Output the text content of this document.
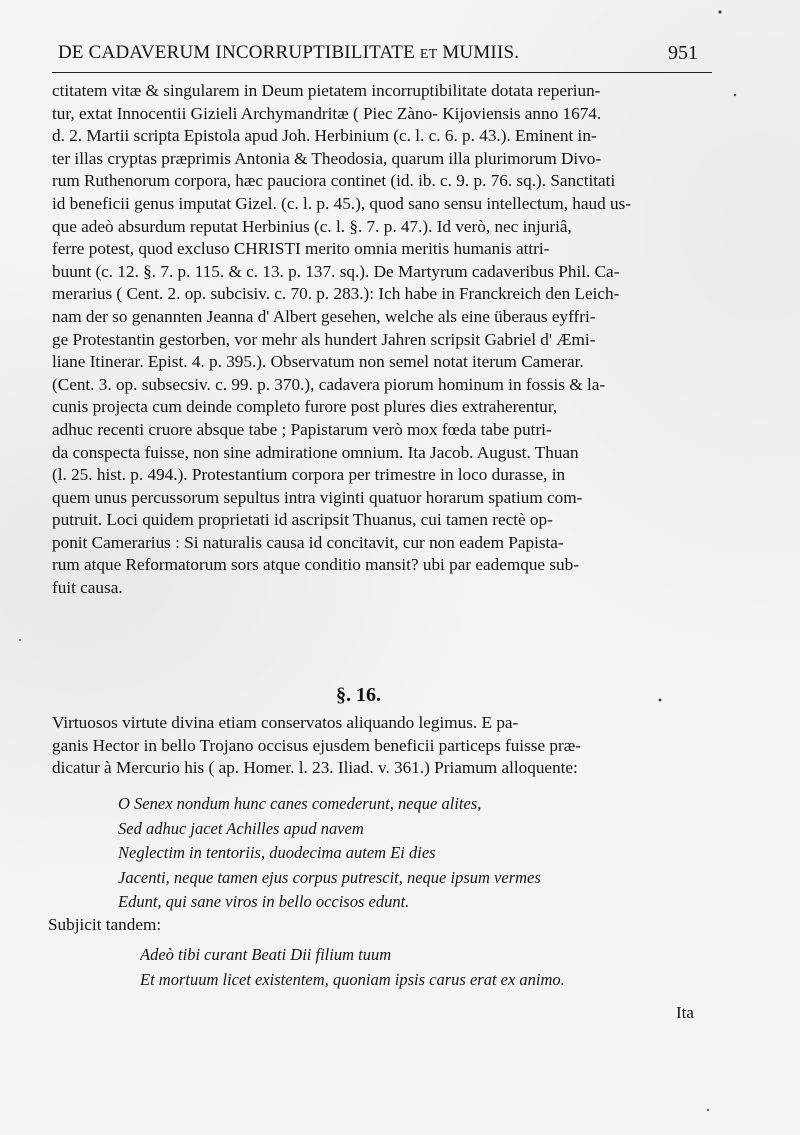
DE CADAVERUM INCORRUPTIBILITATE ET MUMIIS.	951
ctitatem vitæ & singularem in Deum pietatem incorruptibilitate dotata reperiun-
tur, extat Innocentii Gizieli Archymandritæ ( Piec Zàno- Kijoviensis anno 1674.
d. 2. Martii scripta Epistola apud Joh. Herbinium (c. l. c. 6. p. 43.). Eminent in-
ter illas cryptas præprimis Antonia & Theodosia, quarum illa plurimorum Divo-
rum Ruthenorum corpora, hæc pauciora continet (id. ib. c. 9. p. 76. sq.). Sanctitati
id beneficii genus imputat Gizel. (c. l. p. 45.), quod sano sensu intellectum, haud us-
que adeò absurdum reputat Herbinius (c. l. §. 7. p. 47.). Id verò, nec injuriâ,
ferre potest, quod excluso CHRISTI merito omnia meritis humanis attri-
buunt (c. 12. §. 7. p. 115. & c. 13. p. 137. sq.). De Martyrum cadaveribus Phil. Ca-
merarius ( Cent. 2. op. subcisiv. c. 70. p. 283.): Ich habe in Franckreich den Leich-
nam der so genannten Jeanna d' Albert gesehen, welche als eine überaus eyffri-
ge Protestantin gestorben, vor mehr als hundert Jahren scripsit Gabriel d' Æmi-
liane Itinerar. Epist. 4. p. 395.). Observatum non semel notat iterum Camerar.
(Cent. 3. op. subsecsiv. c. 99. p. 370.), cadavera piorum hominum in fossis & la-
cunis projecta cum deinde completo furore post plures dies extraherentur,
adhuc recenti cruore absque tabe ; Papistarum verò mox fœda tabe putri-
da conspecta fuisse, non sine admiratione omnium. Ita Jacob. August. Thuan
(l. 25. hist. p. 494.). Protestantium corpora per trimestre in loco durasse, in
quem unus percussorum sepultus intra viginti quatuor horarum spatium com-
putruit. Loci quidem proprietati id ascripsit Thuanus, cui tamen rectè op-
ponit Camerarius : Si naturalis causa id concitavit, cur non eadem Papista-
rum atque Reformatorum sors atque conditio mansit? ubi par eademque sub-
fuit causa.
§. 16.
Virtuosos virtute divina etiam conservatos aliquando legimus. E pa-
ganis Hector in bello Trojano occisus ejusdem beneficii particeps fuisse præ-
dicatur à Mercurio his ( ap. Homer. l. 23. Iliad. v. 361.) Priamum alloquente:
O Senex nondum hunc canes comederunt, neque alites,
Sed adhuc jacet Achilles apud navem
Neglectim in tentoriis, duodecima autem Ei dies
Jacenti, neque tamen ejus corpus putrescit, neque ipsum vermes
Edunt, qui sane viros in bello occisos edunt.
Subjicit tandem:
Adeò tibi curant Beati Dii filium tuum
Et mortuum licet existentem, quoniam ipsis carus erat ex animo.
Ita
